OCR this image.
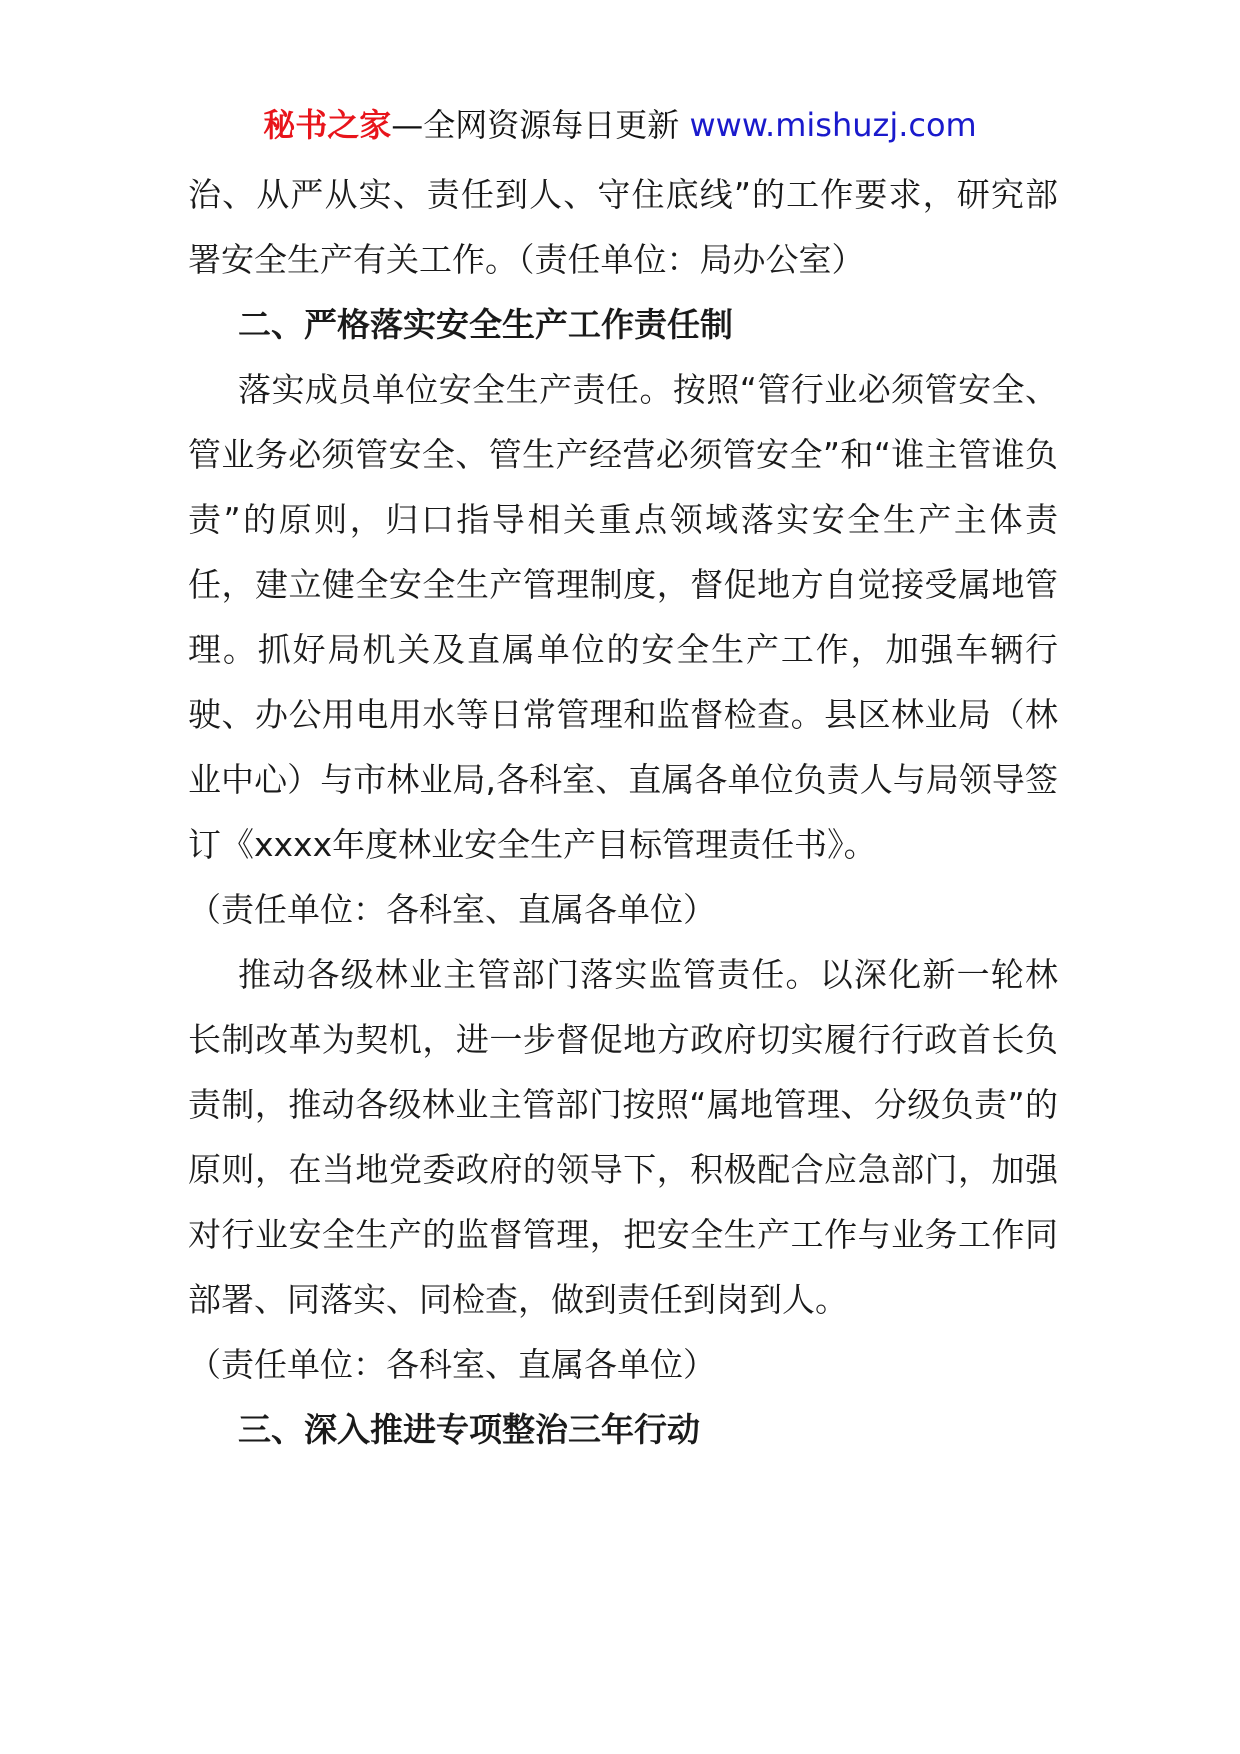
秘书之家—全网资源每日更新 www.mishuzj.com

治、从严从实、责任到人、守住底线”的工作要求，研究部署安全生产有关工作。（责任单位：局办公室）

二、严格落实安全生产工作责任制

落实成员单位安全生产责任。按照“管行业必须管安全、管业务必须管安全、管生产经营必须管安全”和“谁主管谁负责”的原则，归口指导相关重点领域落实安全生产主体责任，建立健全安全生产管理制度，督促地方自觉接受属地管理。抓好局机关及直属单位的安全生产工作，加强车辆行驶、办公用电用水等日常管理和监督检查。县区林业局（林业中心）与市林业局,各科室、直属各单位负责人与局领导签订《xxxx年度林业安全生产目标管理责任书》。

（责任单位：各科室、直属各单位）

推动各级林业主管部门落实监管责任。以深化新一轮林长制改革为契机，进一步督促地方政府切实履行行政首长负责制，推动各级林业主管部门按照“属地管理、分级负责”的原则，在当地党委政府的领导下，积极配合应急部门，加强对行业安全生产的监督管理，把安全生产工作与业务工作同部署、同落实、同检查，做到责任到岗到人。

（责任单位：各科室、直属各单位）

三、深入推进专项整治三年行动
